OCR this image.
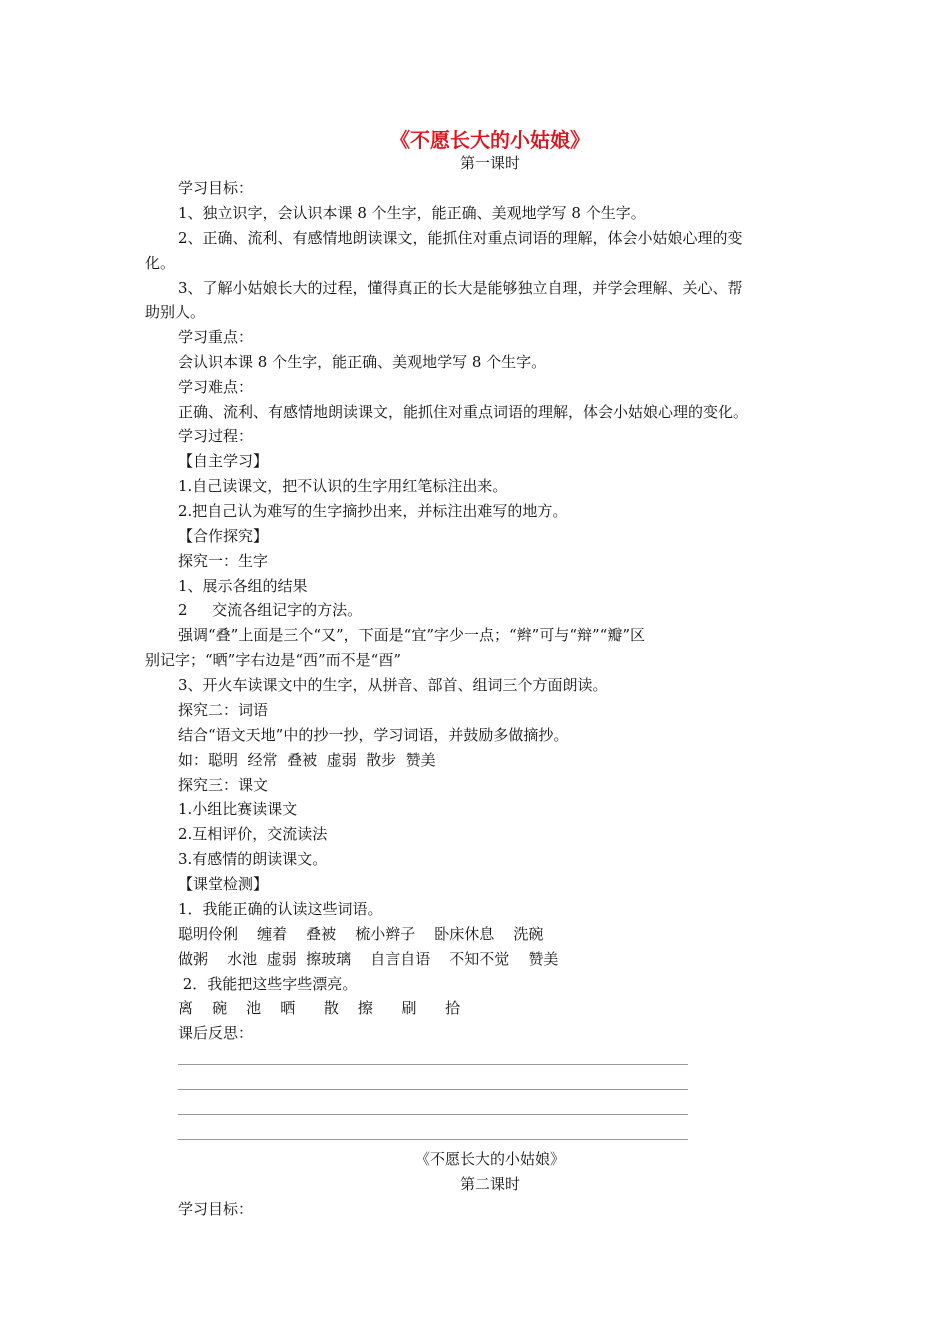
《不愿长大的小姑娘》
第一课时
学习目标：
1、独立识字，会认识本课 8 个生字，能正确、美观地学写 8 个生字。
2、正确、流利、有感情地朗读课文，能抓住对重点词语的理解，体会小姑娘心理的变
化。
3、了解小姑娘长大的过程，懂得真正的长大是能够独立自理，并学会理解、关心、帮
助别人。
学习重点：
会认识本课 8 个生字，能正确、美观地学写 8 个生字。
学习难点：
正确、流利、有感情地朗读课文，能抓住对重点词语的理解，体会小姑娘心理的变化。
学习过程：
【自主学习】
1.自己读课文，把不认识的生字用红笔标注出来。
2.把自己认为难写的生字摘抄出来，并标注出难写的地方。
【合作探究】
探究一：生字
1、展示各组的结果
2　  交流各组记字的方法。
强调“叠”上面是三个“又”，下面是“宜”字少一点；“辫”可与“辩”“瓣”区
别记字；“晒”字右边是“西”而不是“酉”
3、开火车读课文中的生字，从拼音、部首、组词三个方面朗读。
探究二：词语
结合“语文天地”中的抄一抄，学习词语，并鼓励多做摘抄。
如：聪明  经常  叠被  虚弱  散步  赞美
探究三：课文
1.小组比赛读课文
2.互相评价，交流读法
3.有感情的朗读课文。
【课堂检测】
1．我能正确的认读这些词语。
聪明伶俐    缠着    叠被    梳小辫子    卧床休息    洗碗
做粥    水池  虚弱  擦玻璃    自言自语    不知不觉    赞美
2．我能把这些字些漂亮。
离    碗    池    晒      散    擦      刷      拾
课后反思：
《不愿长大的小姑娘》
第二课时
学习目标：
